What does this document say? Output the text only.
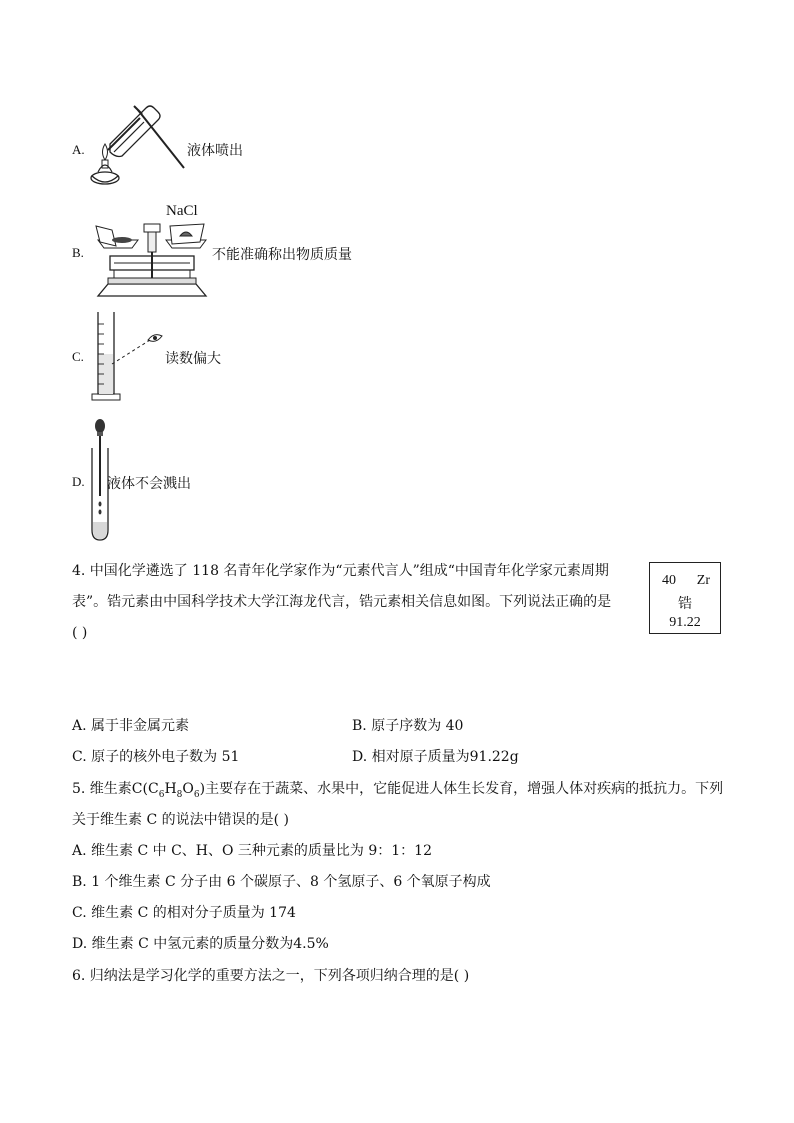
A.	液体喷出
B.
NaCl
不能准确称出物质质量
C.	读数偏大
D. 液体不会溅出
4. 中国化学遴选了 118 名青年化学家作为“元素代言人”组成“中国青年化学家元素周期
表”。锆元素由中国科学技术大学江海龙代言，锆元素相关信息如图。下列说法正确的是
( )
40 Zr
锆
91.22
A. 属于非金属元素	B. 原子序数为 40
C. 原子的核外电子数为 51	D. 相对原子质量为91.22g
5. 维生素$C(C_6H_8O_6)$主要存在于蔬菜、水果中，它能促进人体生长发育，增强人体对疾病的抵抗力。下列
关于维生素 C 的说法中错误的是( )
A. 维生素 C 中 C、H、O 三种元素的质量比为 9：1：12
B. 1 个维生素 C 分子由 6 个碳原子、8 个氢原子、6 个氧原子构成
C. 维生素 C 的相对分子质量为 174
D. 维生素 C 中氢元素的质量分数为4.5%
6. 归纳法是学习化学的重要方法之一，下列各项归纳合理的是( )
